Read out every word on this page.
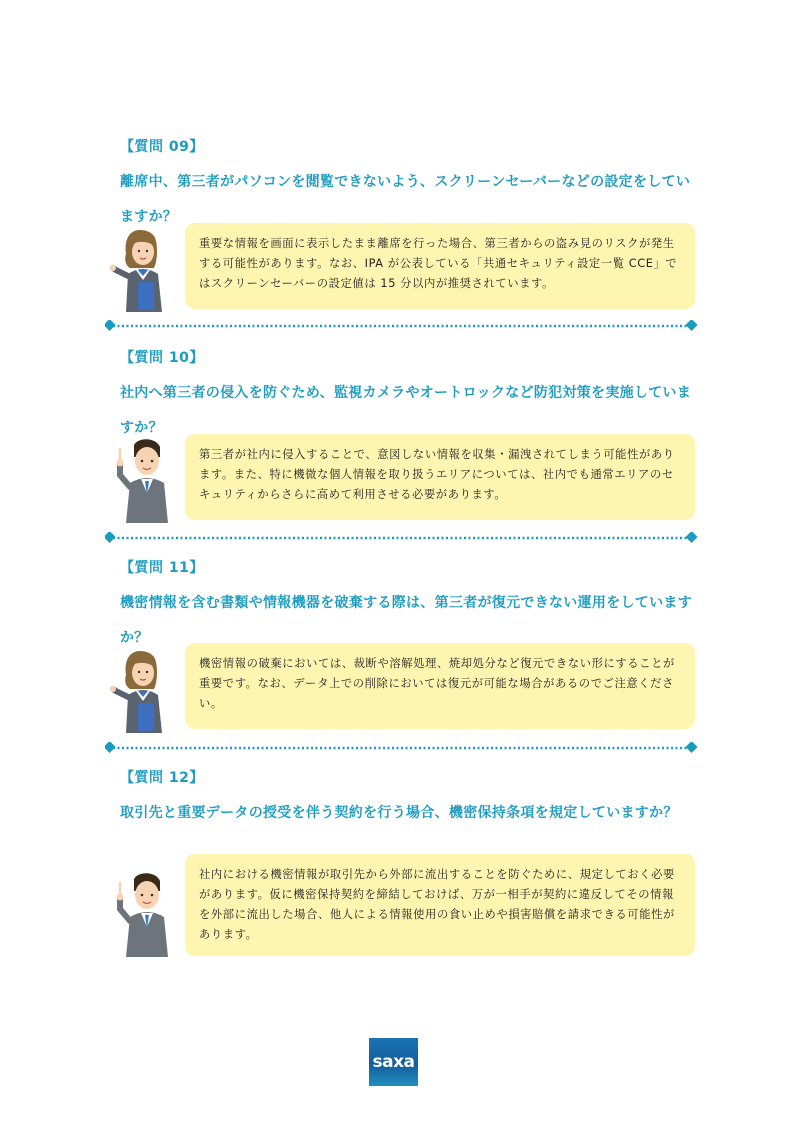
【質問 09】
離席中、第三者がパソコンを閲覧できないよう、スクリーンセーバーなどの設定をしていますか？
重要な情報を画面に表示したまま離席を行った場合、第三者からの盗み見のリスクが発生する可能性があります。なお、IPA が公表している「共通セキュリティ設定一覧 CCE」ではスクリーンセーバーの設定値は 15 分以内が推奨されています。
【質問 10】
社内へ第三者の侵入を防ぐため、監視カメラやオートロックなど防犯対策を実施していますか？
第三者が社内に侵入することで、意図しない情報を収集・漏洩されてしまう可能性があります。また、特に機微な個人情報を取り扱うエリアについては、社内でも通常エリアのセキュリティからさらに高めて利用させる必要があります。
【質問 11】
機密情報を含む書類や情報機器を破棄する際は、第三者が復元できない運用をしていますか？
機密情報の破棄においては、裁断や溶解処理、焼却処分など復元できない形にすることが重要です。なお、データ上での削除においては復元が可能な場合があるのでご注意ください。
【質問 12】
取引先と重要データの授受を伴う契約を行う場合、機密保持条項を規定していますか？
社内における機密情報が取引先から外部に流出することを防ぐために、規定しておく必要があります。仮に機密保持契約を締結しておけば、万が一相手が契約に違反してその情報を外部に流出した場合、他人による情報使用の食い止めや損害賠償を請求できる可能性があります。
saxa
